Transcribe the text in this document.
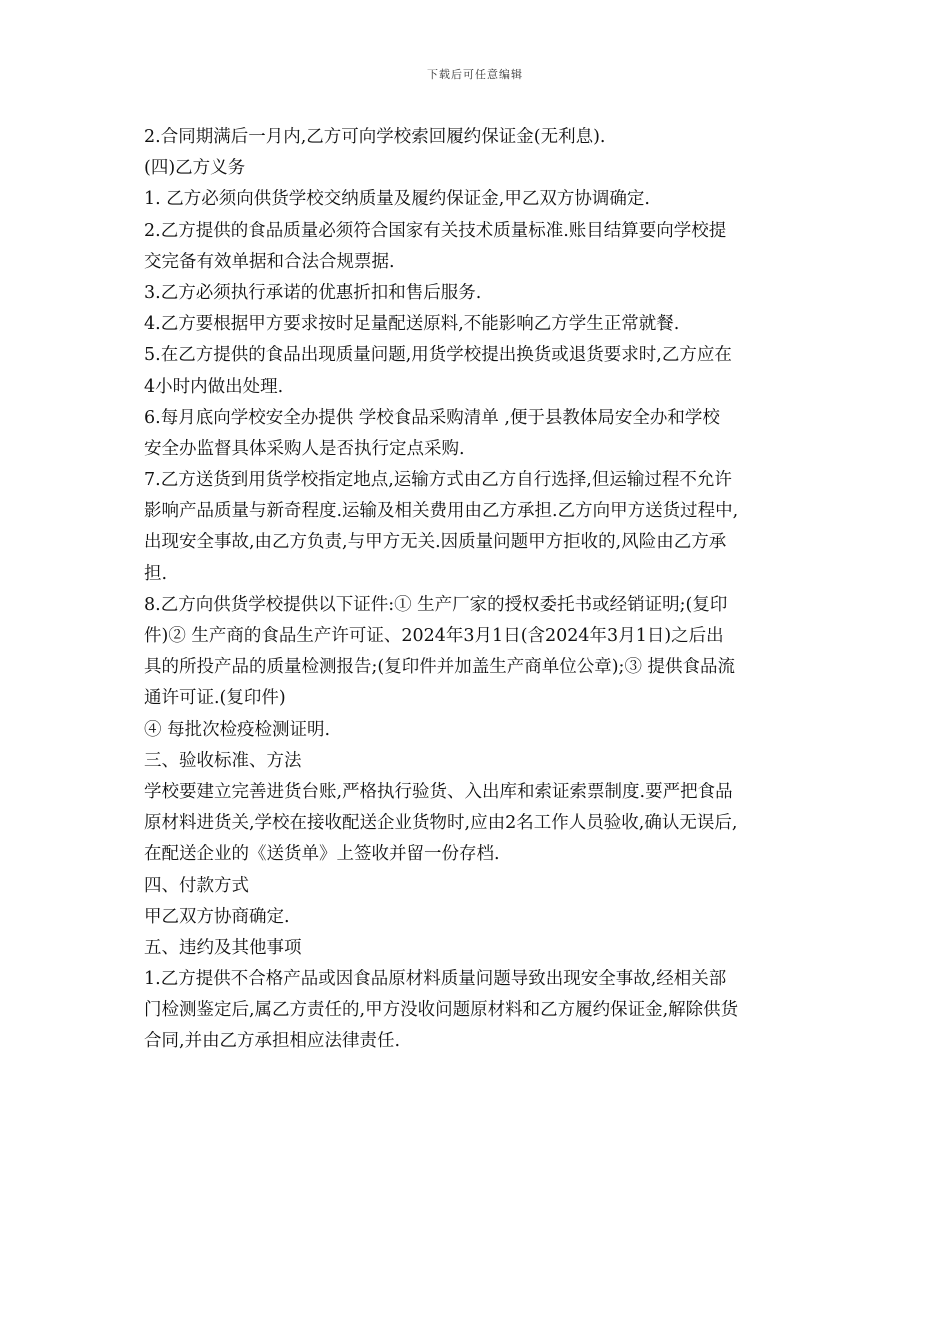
下载后可任意编辑
2.合同期满后一月内,乙方可向学校索回履约保证金(无利息).
(四)乙方义务
1. 乙方必须向供货学校交纳质量及履约保证金,甲乙双方协调确定.
2.乙方提供的食品质量必须符合国家有关技术质量标准.账目结算要向学校提
交完备有效单据和合法合规票据.
3.乙方必须执行承诺的优惠折扣和售后服务.
4.乙方要根据甲方要求按时足量配送原料,不能影响乙方学生正常就餐.
5.在乙方提供的食品出现质量问题,用货学校提出换货或退货要求时,乙方应在
4小时内做出处理.
6.每月底向学校安全办提供 学校食品采购清单 ,便于县教体局安全办和学校
安全办监督具体采购人是否执行定点采购.
7.乙方送货到用货学校指定地点,运输方式由乙方自行选择,但运输过程不允许
影响产品质量与新奇程度.运输及相关费用由乙方承担.乙方向甲方送货过程中,
出现安全事故,由乙方负责,与甲方无关.因质量问题甲方拒收的,风险由乙方承
担.
8.乙方向供货学校提供以下证件:① 生产厂家的授权委托书或经销证明;(复印
件)② 生产商的食品生产许可证、2024年3月1日(含2024年3月1日)之后出
具的所投产品的质量检测报告;(复印件并加盖生产商单位公章);③ 提供食品流
通许可证.(复印件)
④ 每批次检疫检测证明.
三、验收标准、方法
学校要建立完善进货台账,严格执行验货、入出库和索证索票制度.要严把食品
原材料进货关,学校在接收配送企业货物时,应由2名工作人员验收,确认无误后,
在配送企业的《送货单》上签收并留一份存档.
四、付款方式
甲乙双方协商确定.
五、违约及其他事项
1.乙方提供不合格产品或因食品原材料质量问题导致出现安全事故,经相关部
门检测鉴定后,属乙方责任的,甲方没收问题原材料和乙方履约保证金,解除供货
合同,并由乙方承担相应法律责任.
